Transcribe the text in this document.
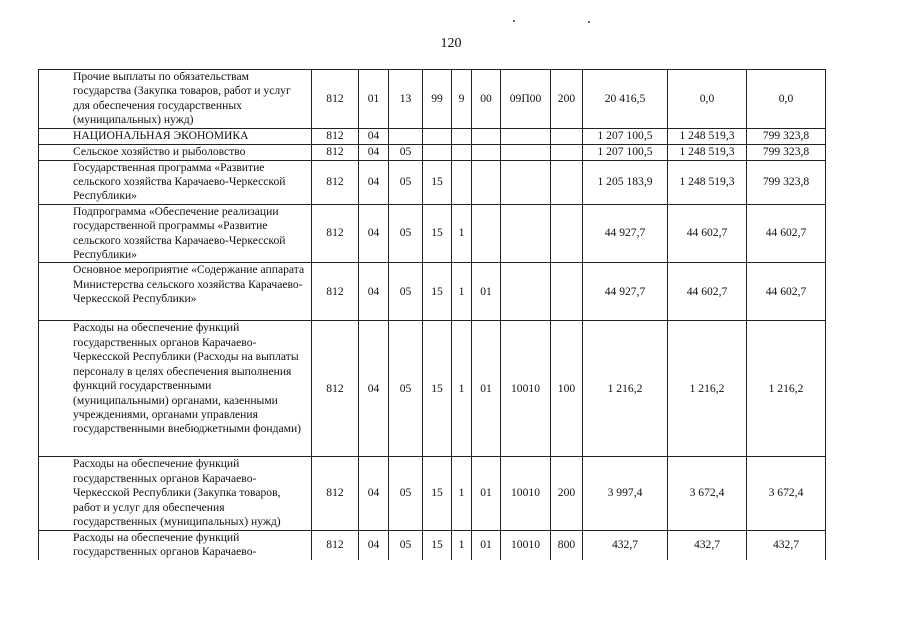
120
Прочие выплаты по обязательствам государства (Закупка товаров, работ и услуг для обеспечения государственных (муниципальных) нужд)	812	01	13	99	9	00	09П00	200	20 416,5	0,0	0,0
НАЦИОНАЛЬНАЯ ЭКОНОМИКА	812	04							1 207 100,5	1 248 519,3	799 323,8
Сельское хозяйство и рыболовство	812	04	05						1 207 100,5	1 248 519,3	799 323,8
Государственная программа «Развитие сельского хозяйства Карачаево-Черкесской Республики»	812	04	05	15					1 205 183,9	1 248 519,3	799 323,8
Подпрограмма «Обеспечение реализации государственной программы «Развитие сельского хозяйства Карачаево-Черкесской Республики»	812	04	05	15	1				44 927,7	44 602,7	44 602,7
Основное мероприятие «Содержание аппарата Министерства сельского хозяйства Карачаево-Черкесской Республики»	812	04	05	15	1	01			44 927,7	44 602,7	44 602,7
Расходы на обеспечение функций государственных органов Карачаево-Черкесской Республики (Расходы на выплаты персоналу в целях обеспечения выполнения функций государственными (муниципальными) органами, казенными учреждениями, органами управления государственными внебюджетными фондами)	812	04	05	15	1	01	10010	100	1 216,2	1 216,2	1 216,2
Расходы на обеспечение функций государственных органов Карачаево-Черкесской Республики (Закупка товаров, работ и услуг для обеспечения государственных (муниципальных) нужд)	812	04	05	15	1	01	10010	200	3 997,4	3 672,4	3 672,4
Расходы на обеспечение функций государственных органов Карачаево-	812	04	05	15	1	01	10010	800	432,7	432,7	432,7
